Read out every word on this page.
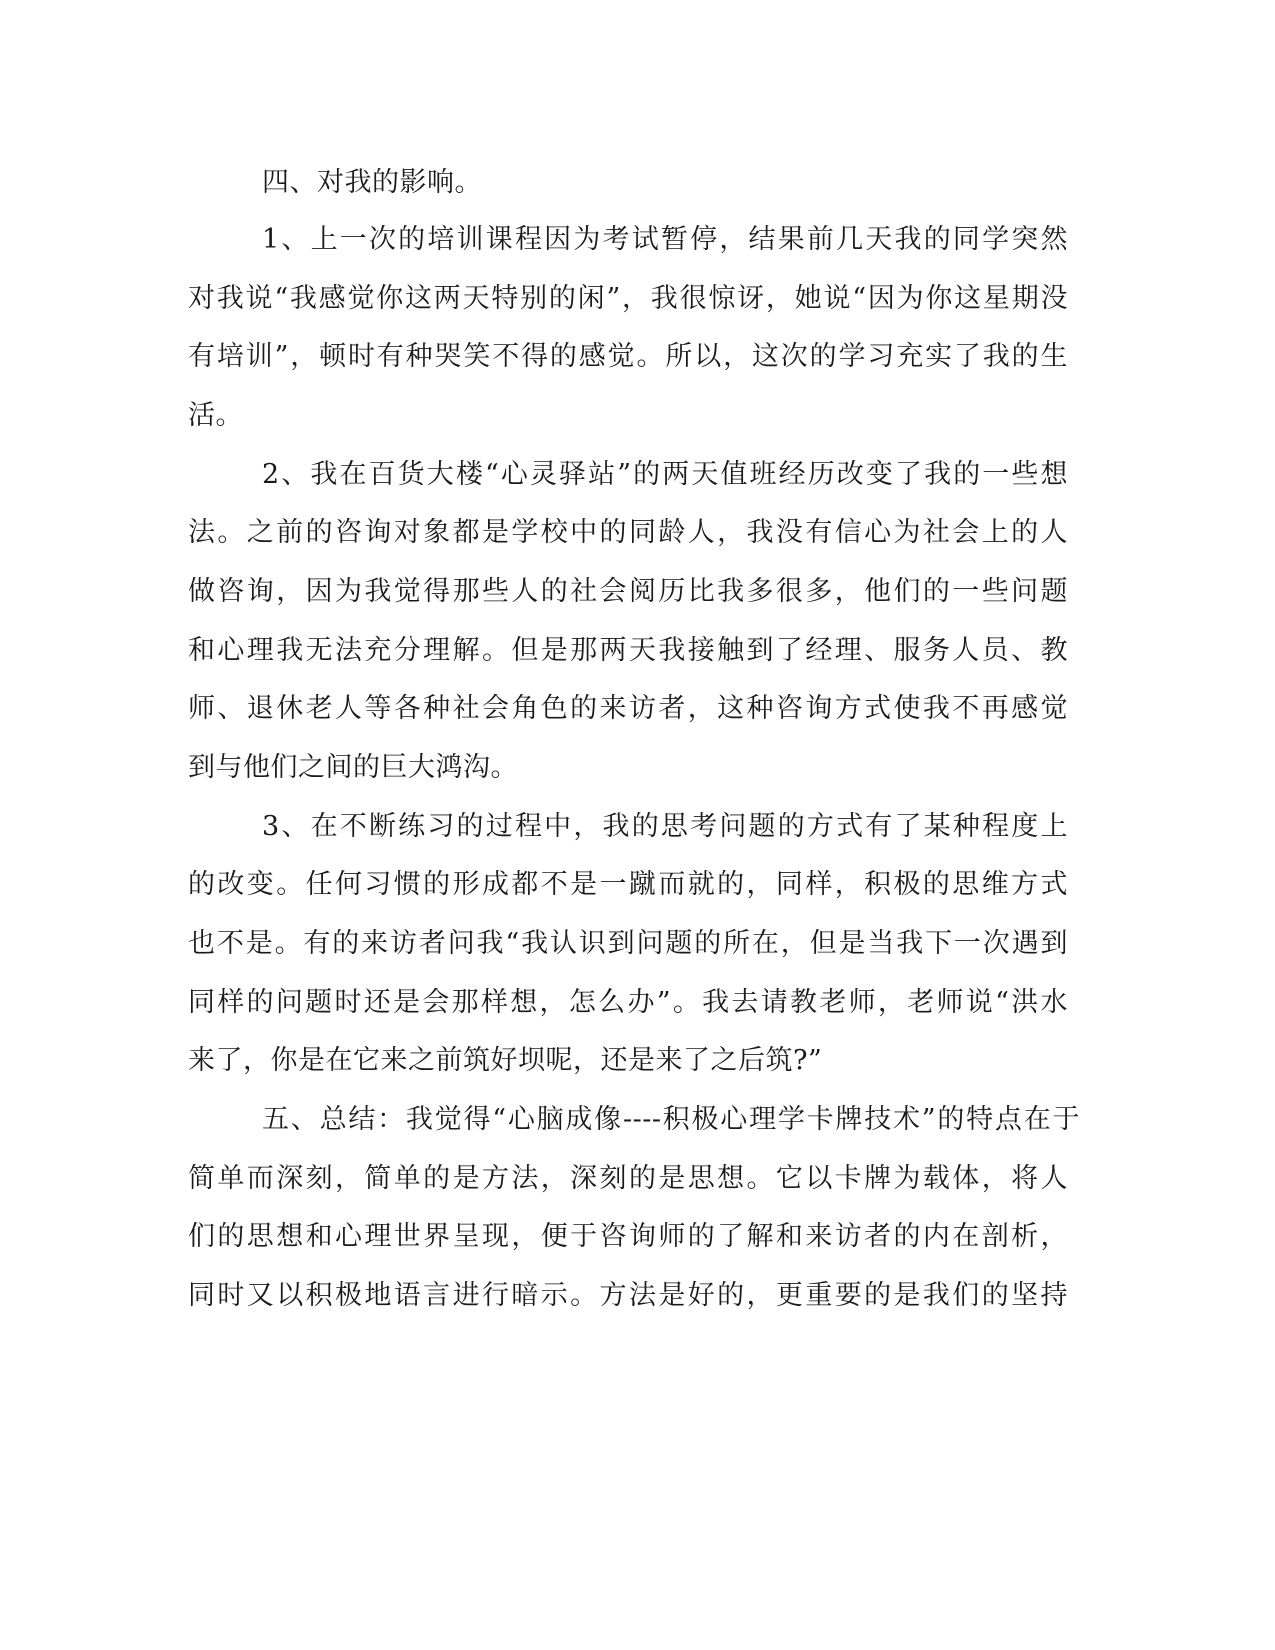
四、对我的影响。
1、上一次的培训课程因为考试暂停，结果前几天我的同学突然
对我说“我感觉你这两天特别的闲”，我很惊讶，她说“因为你这星期没
有培训”，顿时有种哭笑不得的感觉。所以，这次的学习充实了我的生
活。
2、我在百货大楼“心灵驿站”的两天值班经历改变了我的一些想
法。之前的咨询对象都是学校中的同龄人，我没有信心为社会上的人
做咨询，因为我觉得那些人的社会阅历比我多很多，他们的一些问题
和心理我无法充分理解。但是那两天我接触到了经理、服务人员、教
师、退休老人等各种社会角色的来访者，这种咨询方式使我不再感觉
到与他们之间的巨大鸿沟。
3、在不断练习的过程中，我的思考问题的方式有了某种程度上
的改变。任何习惯的形成都不是一蹴而就的，同样，积极的思维方式
也不是。有的来访者问我“我认识到问题的所在，但是当我下一次遇到
同样的问题时还是会那样想，怎么办”。我去请教老师，老师说“洪水
来了，你是在它来之前筑好坝呢，还是来了之后筑?”
五、总结：我觉得“心脑成像----积极心理学卡牌技术”的特点在于
简单而深刻，简单的是方法，深刻的是思想。它以卡牌为载体，将人
们的思想和心理世界呈现，便于咨询师的了解和来访者的内在剖析，
同时又以积极地语言进行暗示。方法是好的，更重要的是我们的坚持
